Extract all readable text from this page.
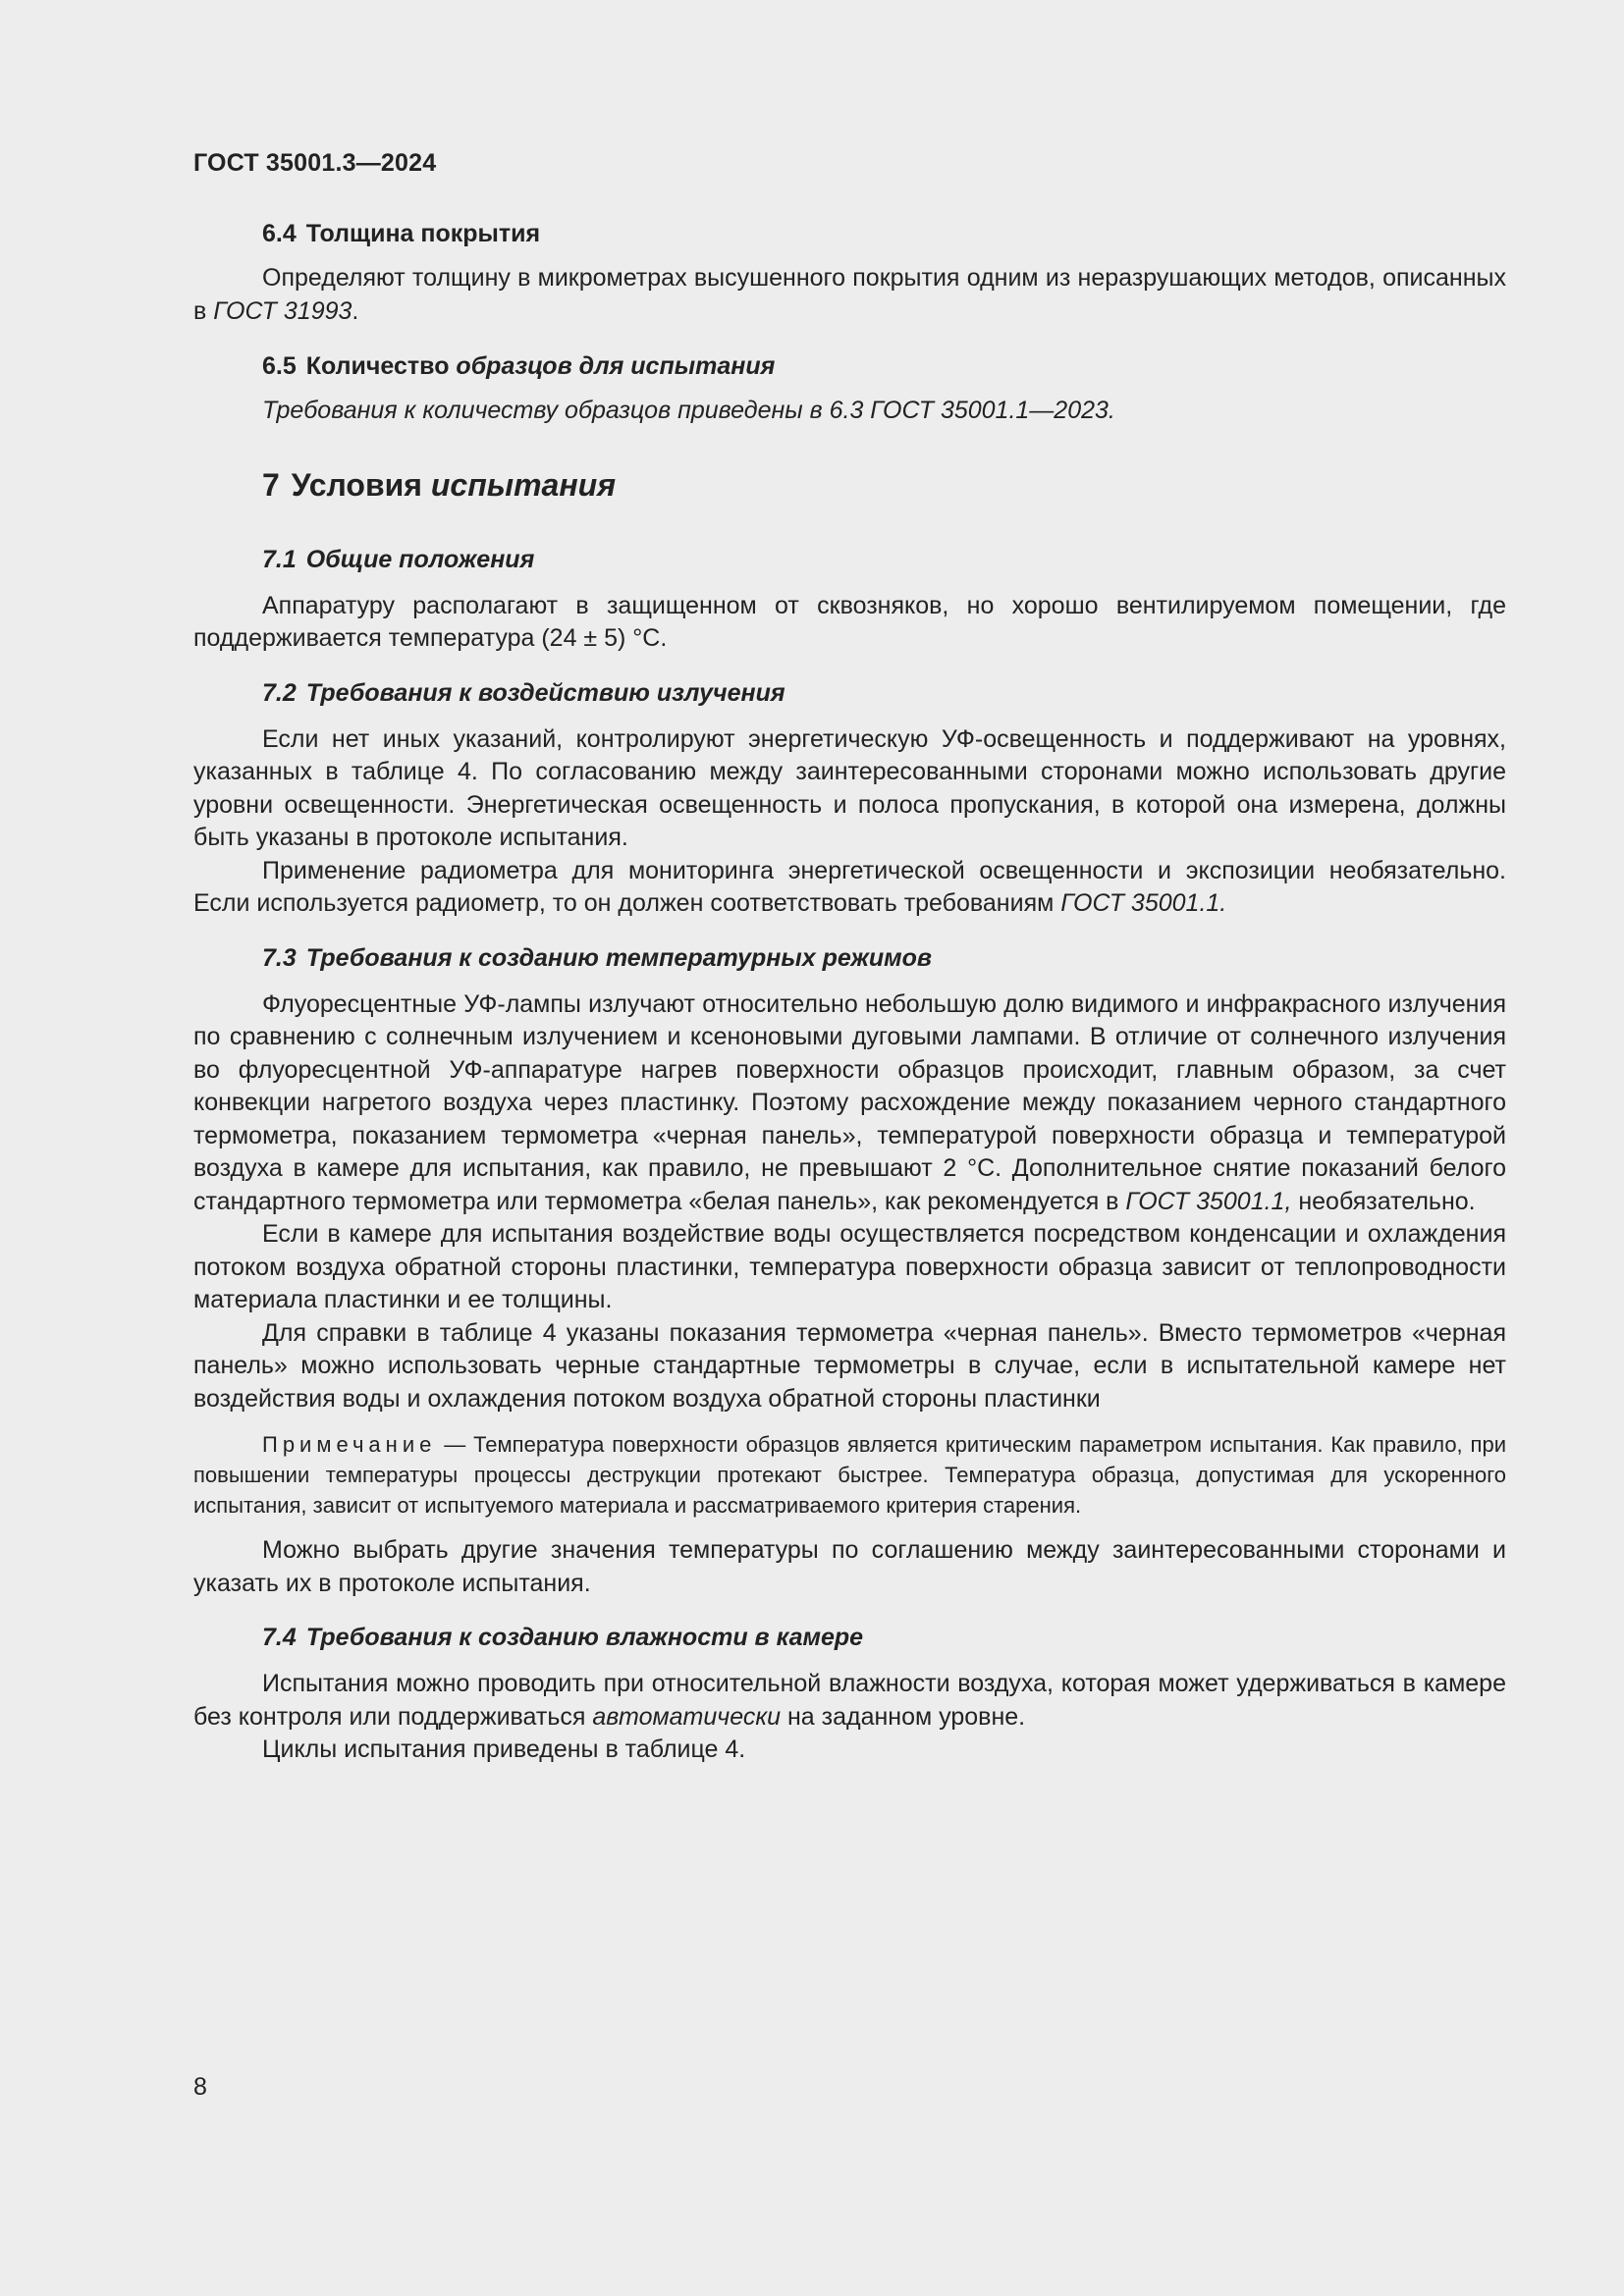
ГОСТ 35001.3—2024
6.4 Толщина покрытия

Определяют толщину в микрометрах высушенного покрытия одним из неразрушающих методов, описанных в ГОСТ 31993.

6.5 Количество образцов для испытания

Требования к количеству образцов приведены в 6.3 ГОСТ 35001.1—2023.

7 Условия испытания
7.1 Общие положения

Аппаратуру располагают в защищенном от сквозняков, но хорошо вентилируемом помещении, где поддерживается температура (24 ± 5) °С.

7.2 Требования к воздействию излучения

Если нет иных указаний, контролируют энергетическую УФ-освещенность и поддерживают на уровнях, указанных в таблице 4. По согласованию между заинтересованными сторонами можно использовать другие уровни освещенности. Энергетическая освещенность и полоса пропускания, в которой она измерена, должны быть указаны в протоколе испытания.

Применение радиометра для мониторинга энергетической освещенности и экспозиции необязательно. Если используется радиометр, то он должен соответствовать требованиям ГОСТ 35001.1.

7.3 Требования к созданию температурных режимов

Флуоресцентные УФ-лампы излучают относительно небольшую долю видимого и инфракрасного излучения по сравнению с солнечным излучением и ксеноновыми дуговыми лампами. В отличие от солнечного излучения во флуоресцентной УФ-аппаратуре нагрев поверхности образцов происходит, главным образом, за счет конвекции нагретого воздуха через пластинку. Поэтому расхождение между показанием черного стандартного термометра, показанием термометра «черная панель», температурой поверхности образца и температурой воздуха в камере для испытания, как правило, не превышают 2 °С. Дополнительное снятие показаний белого стандартного термометра или термометра «белая панель», как рекомендуется в ГОСТ 35001.1, необязательно.

Если в камере для испытания воздействие воды осуществляется посредством конденсации и охлаждения потоком воздуха обратной стороны пластинки, температура поверхности образца зависит от теплопроводности материала пластинки и ее толщины.

Для справки в таблице 4 указаны показания термометра «черная панель». Вместо термометров «черная панель» можно использовать черные стандартные термометры в случае, если в испытательной камере нет воздействия воды и охлаждения потоком воздуха обратной стороны пластинки

Примечание — Температура поверхности образцов является критическим параметром испытания. Как правило, при повышении температуры процессы деструкции протекают быстрее. Температура образца, допустимая для ускоренного испытания, зависит от испытуемого материала и рассматриваемого критерия старения.

Можно выбрать другие значения температуры по соглашению между заинтересованными сторонами и указать их в протоколе испытания.

7.4 Требования к созданию влажности в камере

Испытания можно проводить при относительной влажности воздуха, которая может удерживаться в камере без контроля или поддерживаться автоматически на заданном уровне.

Циклы испытания приведены в таблице 4.

8
